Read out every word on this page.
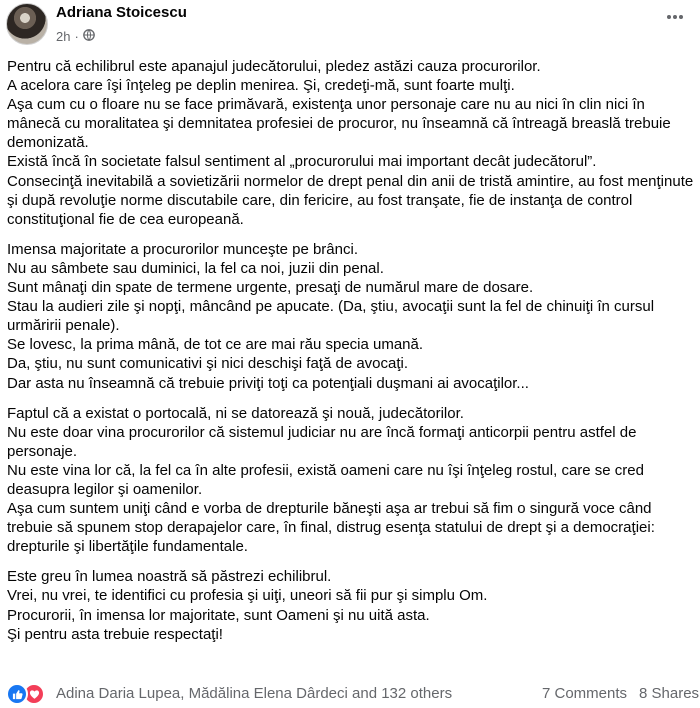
Adriana Stoicescu
2h ·

Pentru că echilibrul este apanajul judecătorului, pledez astăzi cauza procurorilor.
A acelora care îşi înţeleg pe deplin menirea. Şi, credeţi-mă, sunt foarte mulţi.
Aşa cum cu o floare nu se face primăvară, existenţa unor personaje care nu au nici în clin nici în mânecă cu moralitatea şi demnitatea profesiei de procuror, nu înseamnă că întreagă breaslă trebuie demonizată.
Există încă în societate falsul sentiment al „procurorului mai important decât judecătorul”.
Consecinţă inevitabilă a sovietizării normelor de drept penal din anii de tristă amintire, au fost menţinute şi după revoluţie norme discutabile care, din fericire, au fost tranşate, fie de instanţa de control constituţional fie de cea europeană.

Imensa majoritate a procurorilor munceşte pe brânci.
Nu au sâmbete sau duminici, la fel ca noi, juzii din penal.
Sunt mânaţi din spate de termene urgente, presaţi de numărul mare de dosare.
Stau la audieri zile şi nopţi, mâncând pe apucate. (Da, ştiu, avocaţii sunt la fel de chinuiţi în cursul urmăririi penale).
Se lovesc, la prima mână, de tot ce are mai rău specia umană.
Da, ştiu, nu sunt comunicativi şi nici deschişi faţă de avocaţi.
Dar asta nu înseamnă că trebuie priviţi toţi ca potenţiali duşmani ai avocaţilor...

Faptul că a existat o portocală, ni se datorează şi nouă, judecătorilor.
Nu este doar vina procurorilor că sistemul judiciar nu are încă formaţi anticorpii pentru astfel de personaje.
Nu este vina lor că, la fel ca în alte profesii, există oameni care nu îşi înţeleg rostul, care se cred deasupra legilor şi oamenilor.
Aşa cum suntem uniţi când e vorba de drepturile băneşti aşa ar trebui să fim o singură voce când trebuie să spunem stop derapajelor care, în final, distrug esenţa statului de drept şi a democraţiei: drepturile şi libertăţile fundamentale.

Este greu în lumea noastră să păstrezi echilibrul.
Vrei, nu vrei, te identifici cu profesia şi uiţi, uneori să fii pur şi simplu Om.
Procurorii, în imensa lor majoritate, sunt Oameni şi nu uită asta.
Şi pentru asta trebuie respectaţi!

Adina Daria Lupea, Mădălina Elena Dârdeci and 132 others	7 Comments 8 Shares
